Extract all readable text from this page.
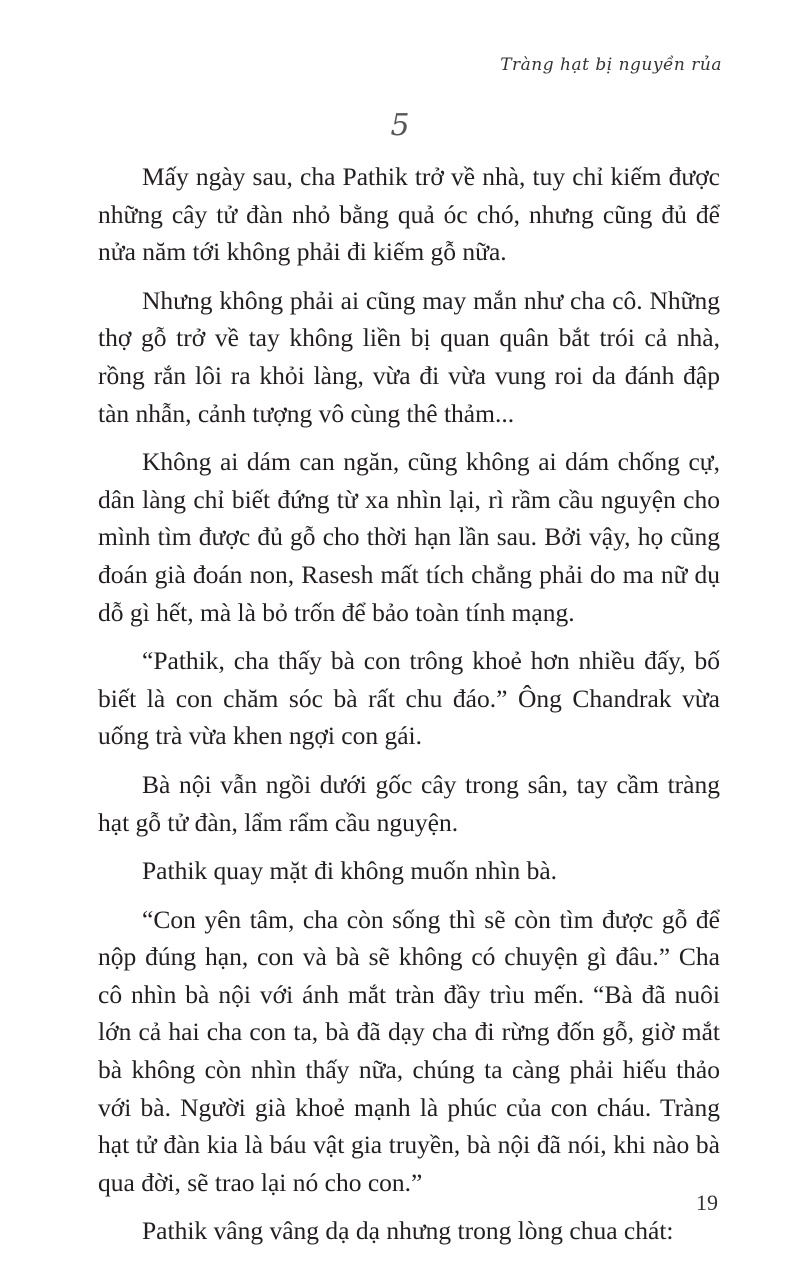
Tràng hạt bị nguyền rủa
5

Mấy ngày sau, cha Pathik trở về nhà, tuy chỉ kiếm được những cây tử đàn nhỏ bằng quả óc chó, nhưng cũng đủ để nửa năm tới không phải đi kiếm gỗ nữa.

Nhưng không phải ai cũng may mắn như cha cô. Những thợ gỗ trở về tay không liền bị quan quân bắt trói cả nhà, rồng rắn lôi ra khỏi làng, vừa đi vừa vung roi da đánh đập tàn nhẫn, cảnh tượng vô cùng thê thảm...

Không ai dám can ngăn, cũng không ai dám chống cự, dân làng chỉ biết đứng từ xa nhìn lại, rì rầm cầu nguyện cho mình tìm được đủ gỗ cho thời hạn lần sau. Bởi vậy, họ cũng đoán già đoán non, Rasesh mất tích chẳng phải do ma nữ dụ dỗ gì hết, mà là bỏ trốn để bảo toàn tính mạng.

“Pathik, cha thấy bà con trông khoẻ hơn nhiều đấy, bố biết là con chăm sóc bà rất chu đáo.” Ông Chandrak vừa uống trà vừa khen ngợi con gái.

Bà nội vẫn ngồi dưới gốc cây trong sân, tay cầm tràng hạt gỗ tử đàn, lẩm rẩm cầu nguyện.

Pathik quay mặt đi không muốn nhìn bà.

“Con yên tâm, cha còn sống thì sẽ còn tìm được gỗ để nộp đúng hạn, con và bà sẽ không có chuyện gì đâu.” Cha cô nhìn bà nội với ánh mắt tràn đầy trìu mến. “Bà đã nuôi lớn cả hai cha con ta, bà đã dạy cha đi rừng đốn gỗ, giờ mắt bà không còn nhìn thấy nữa, chúng ta càng phải hiếu thảo với bà. Người già khoẻ mạnh là phúc của con cháu. Tràng hạt tử đàn kia là báu vật gia truyền, bà nội đã nói, khi nào bà qua đời, sẽ trao lại nó cho con.”

Pathik vâng vâng dạ dạ nhưng trong lòng chua chát:

19
